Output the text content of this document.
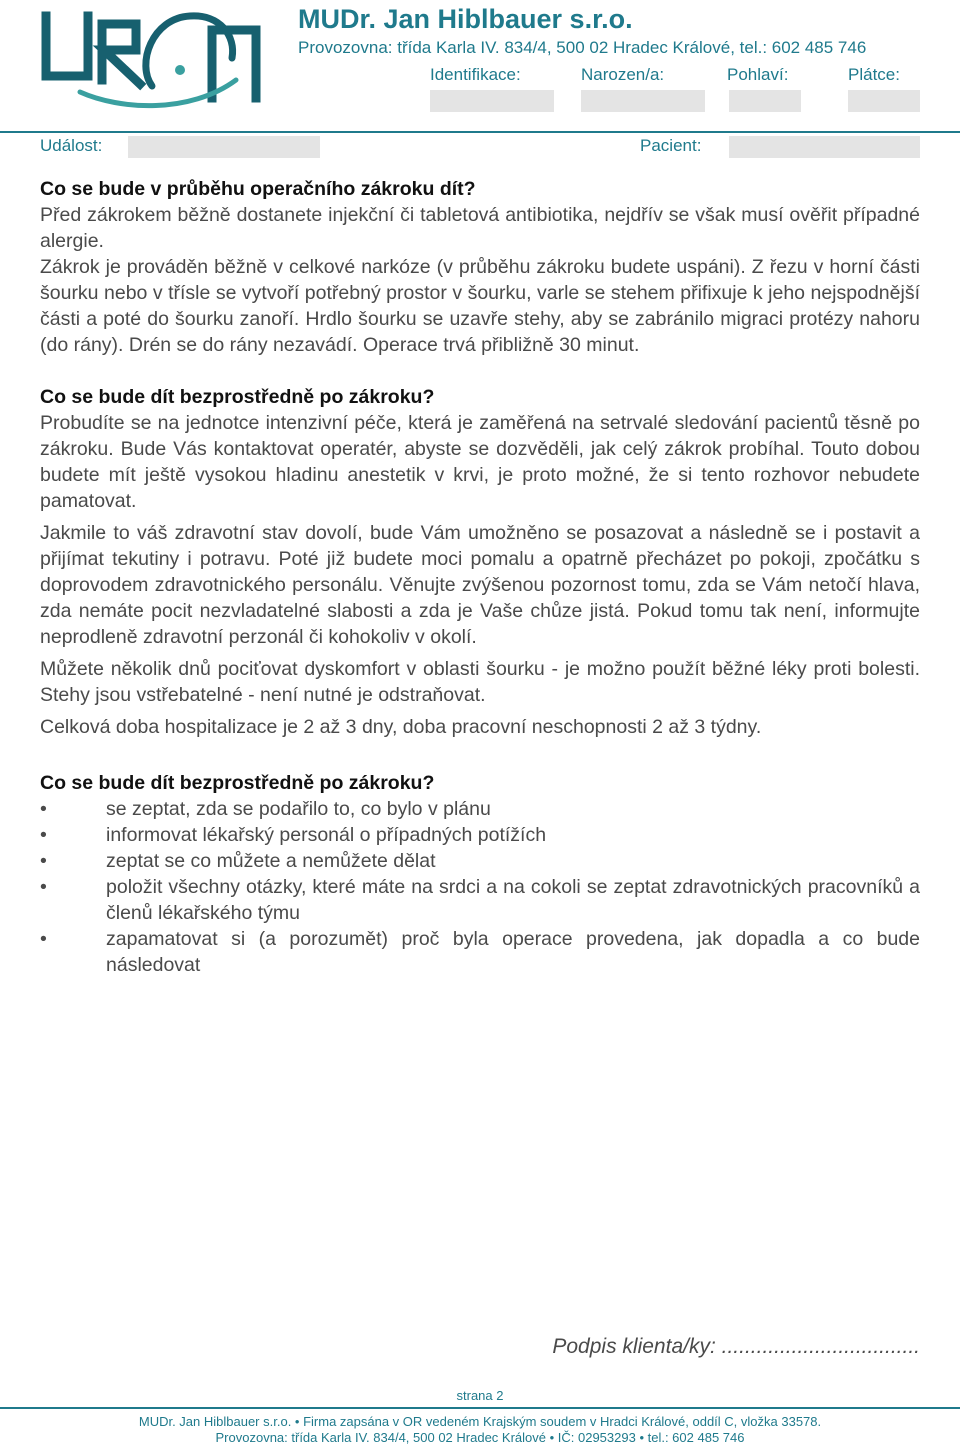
MUDr. Jan Hiblbauer s.r.o.
Provozovna: třída Karla IV. 834/4, 500 02 Hradec Králové, tel.: 602 485 746
Identifikace:	Narozen/a:	Pohlaví:	Plátce:
Událost:	Pacient:
Co se bude v průběhu operačního zákroku dít?

Před zákrokem běžně dostanete injekční či tabletová antibiotika, nejdřív se však musí ověřit případné alergie.

Zákrok je prováděn běžně v celkové narkóze (v průběhu zákroku budete uspáni). Z řezu v horní části šourku nebo v třísle se vytvoří potřebný prostor v šourku, varle se stehem přifixuje k jeho nejspodnější části a poté do šourku zanoří. Hrdlo šourku se uzavře stehy, aby se zabránilo migraci protézy nahoru (do rány). Drén se do rány nezavádí. Operace trvá přibližně 30 minut.

Co se bude dít bezprostředně po zákroku?

Probudíte se na jednotce intenzivní péče, která je zaměřená na setrvalé sledování pacientů těsně po zákroku. Bude Vás kontaktovat operatér, abyste se dozvěděli, jak celý zákrok probíhal. Touto dobou budete mít ještě vysokou hladinu anestetik v krvi, je proto možné, že si tento rozhovor nebudete pamatovat.

Jakmile to váš zdravotní stav dovolí, bude Vám umožněno se posazovat a následně se i postavit a přijímat tekutiny i potravu. Poté již budete moci pomalu a opatrně přecházet po pokoji, zpočátku s doprovodem zdravotnického personálu. Věnujte zvýšenou pozornost tomu, zda se Vám netočí hlava, zda nemáte pocit nezvladatelné slabosti a zda je Vaše chůze jistá. Pokud tomu tak není, informujte neprodleně zdravotní perzonál či kohokoliv v okolí.

Můžete několik dnů pociťovat dyskomfort v oblasti šourku - je možno použít běžné léky proti bolesti. Stehy jsou vstřebatelné - není nutné je odstraňovat.

Celková doba hospitalizace je 2 až 3 dny, doba pracovní neschopnosti 2 až 3 týdny.

Co se bude dít bezprostředně po zákroku?
•	se zeptat, zda se podařilo to, co bylo v plánu
•	informovat lékařský personál o případných potížích
•	zeptat se co můžete a nemůžete dělat
•	položit všechny otázky, které máte na srdci a na cokoli se zeptat zdravotnických pracovníků a členů lékařského týmu
•	zapamatovat si (a porozumět) proč byla operace provedena, jak dopadla a co bude následovat
Podpis klienta/ky: ..................................
strana 2
MUDr. Jan Hiblbauer s.r.o. • Firma zapsána v OR vedeném Krajským soudem v Hradci Králové, oddíl C, vložka 33578.
Provozovna: třída Karla IV. 834/4, 500 02 Hradec Králové • IČ: 02953293 • tel.: 602 485 746
